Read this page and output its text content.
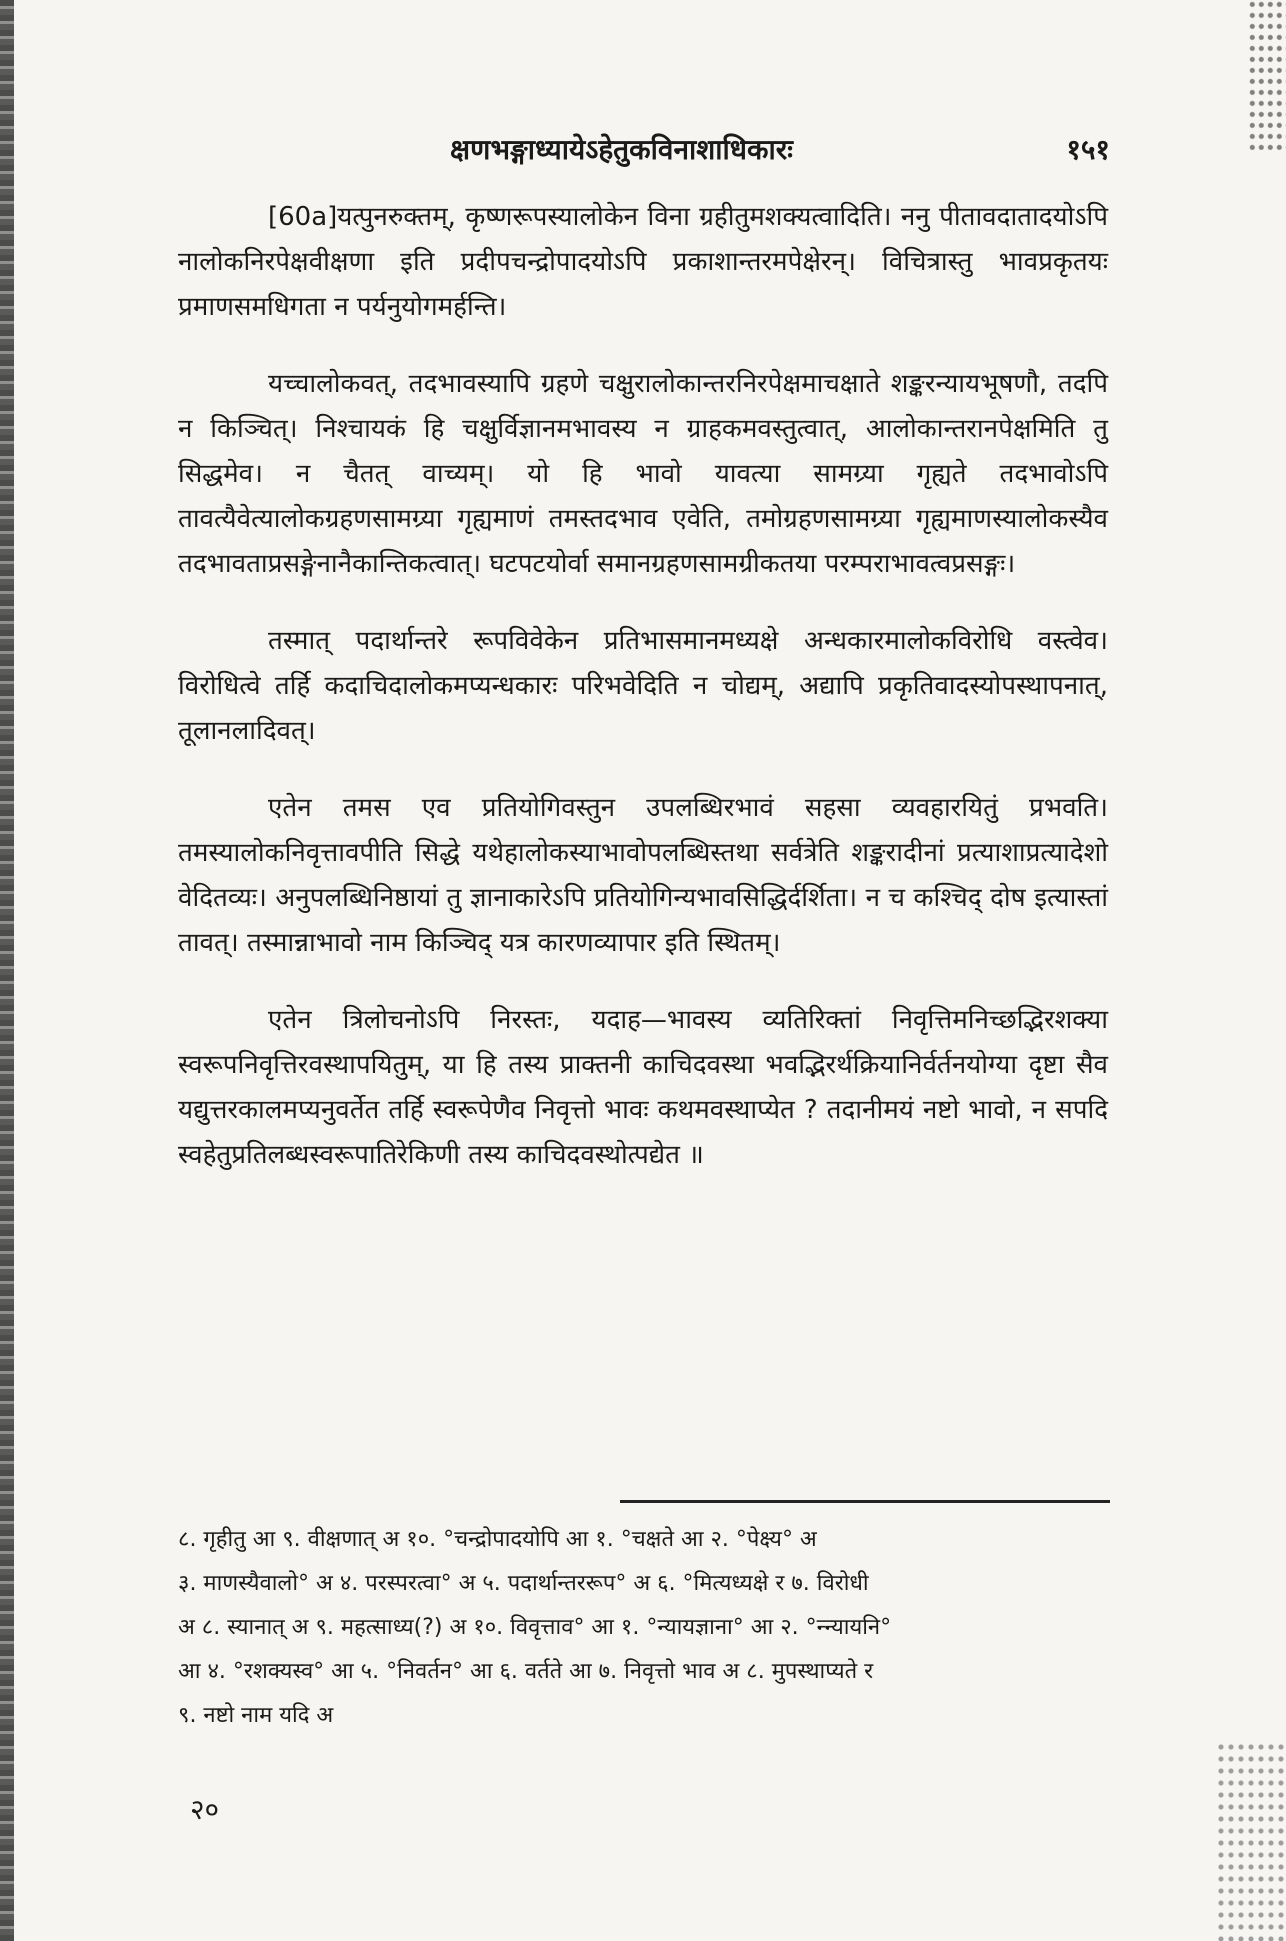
क्षणभङ्गाध्यायेऽहेतुकविनाशाधिकारः	१५१

[60a]यत्पुनरुक्तम्, कृष्णरूपस्यालोकेन विना ग्रहीतुमशक्यत्वादिति। ननु पीतावदातादयोऽपि नालोकनिरपेक्षवीक्षणा इति प्रदीपचन्द्रोपादयोऽपि प्रकाशान्तरमपेक्षेरन्। विचित्रास्तु भावप्रकृतयः प्रमाणसमधिगता न पर्यनुयोगमर्हन्ति।

यच्चालोकवत्, तदभावस्यापि ग्रहणे चक्षुरालोकान्तरनिरपेक्षमाचक्षाते शङ्करन्यायभूषणौ, तदपि न किञ्चित्। निश्चायकं हि चक्षुर्विज्ञानमभावस्य न ग्राहकमवस्तुत्वात्, आलोकान्तरानपेक्षमिति तु सिद्धमेव। न चैतत् वाच्यम्। यो हि भावो यावत्या सामग्र्या गृह्यते तदभावोऽपि तावत्यैवेत्यालोकग्रहणसामग्र्या गृह्यमाणं तमस्तदभाव एवेति, तमोग्रहणसामग्र्या गृह्यमाणस्यालोकस्यैव तदभावताप्रसङ्गेनानैकान्तिकत्वात्। घटपटयोर्वा समानग्रहणसामग्रीकतया परम्पराभावत्वप्रसङ्गः।

तस्मात् पदार्थान्तरे रूपविवेकेन प्रतिभासमानमध्यक्षे अन्धकारमालोकविरोधि वस्त्वेव। विरोधित्वे तर्हि कदाचिदालोकमप्यन्धकारः परिभवेदिति न चोद्यम्, अद्यापि प्रकृतिवादस्योपस्थापनात्, तूलानलादिवत्।

एतेन तमस एव प्रतियोगिवस्तुन उपलब्धिरभावं सहसा व्यवहारयितुं प्रभवति। तमस्यालोकनिवृत्तावपीति सिद्धे यथेहालोकस्याभावोपलब्धिस्तथा सर्वत्रेति शङ्करादीनां प्रत्याशाप्रत्यादेशो वेदितव्यः। अनुपलब्धिनिष्ठायां तु ज्ञानाकारेऽपि प्रतियोगिन्यभावसिद्धिर्दर्शिता। न च कश्चिद् दोष इत्यास्तां तावत्। तस्मान्नाभावो नाम किञ्चिद् यत्र कारणव्यापार इति स्थितम्।

एतेन त्रिलोचनोऽपि निरस्तः, यदाह—भावस्य व्यतिरिक्तां निवृत्तिमनिच्छद्भिरशक्या स्वरूपनिवृत्तिरवस्थापयितुम्, या हि तस्य प्राक्तनी काचिदवस्था भवद्भिरर्थक्रियानिर्वर्तनयोग्या दृष्टा सैव यद्युत्तरकालमप्यनुवर्तेत तर्हि स्वरूपेणैव निवृत्तो भावः कथमवस्थाप्येत ? तदानीमयं नष्टो भावो, न सपदि स्वहेतुप्रतिलब्धस्वरूपातिरेकिणी तस्य काचिदवस्थोत्पद्येत ॥

८. गृहीतु आ ९. वीक्षणात् अ १०. °चन्द्रोपादयोपि आ १. °चक्षते आ २. °पेक्ष्य° अ
३. माणस्यैवालो° अ ४. परस्परत्वा° अ ५. पदार्थान्तररूप° अ ६. °मित्यध्यक्षे र ७. विरोधी
अ ८. स्यानात् अ ९. महत्साध्य(?) अ १०. विवृत्ताव° आ १. °न्यायज्ञाना° आ २. °न्न्यायनि°
आ ४. °रशक्यस्व° आ ५. °निवर्तन° आ ६. वर्तते आ ७. निवृत्तो भाव अ ८. मुपस्थाप्यते र
९. नष्टो नाम यदि अ
२०
